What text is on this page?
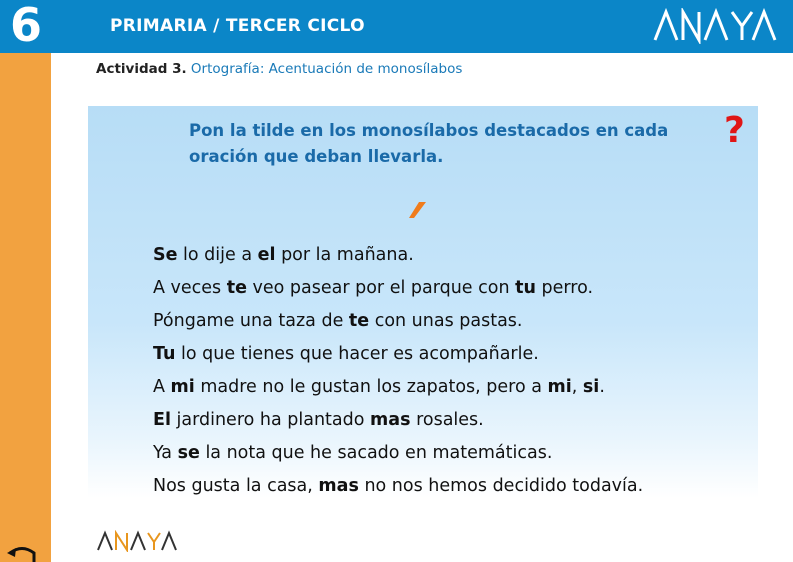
6	PRIMARIA / TERCER CICLO
Actividad 3. Ortografía: Acentuación de monosílabos
Pon la tilde en los monosílabos destacados en cada oración que deban llevarla.
?
Se lo dije a el por la mañana.
A veces te veo pasear por el parque con tu perro.
Póngame una taza de te con unas pastas.
Tu lo que tienes que hacer es acompañarle.
A mi madre no le gustan los zapatos, pero a mi, si.
El jardinero ha plantado mas rosales.
Ya se la nota que he sacado en matemáticas.
Nos gusta la casa, mas no nos hemos decidido todavía.
